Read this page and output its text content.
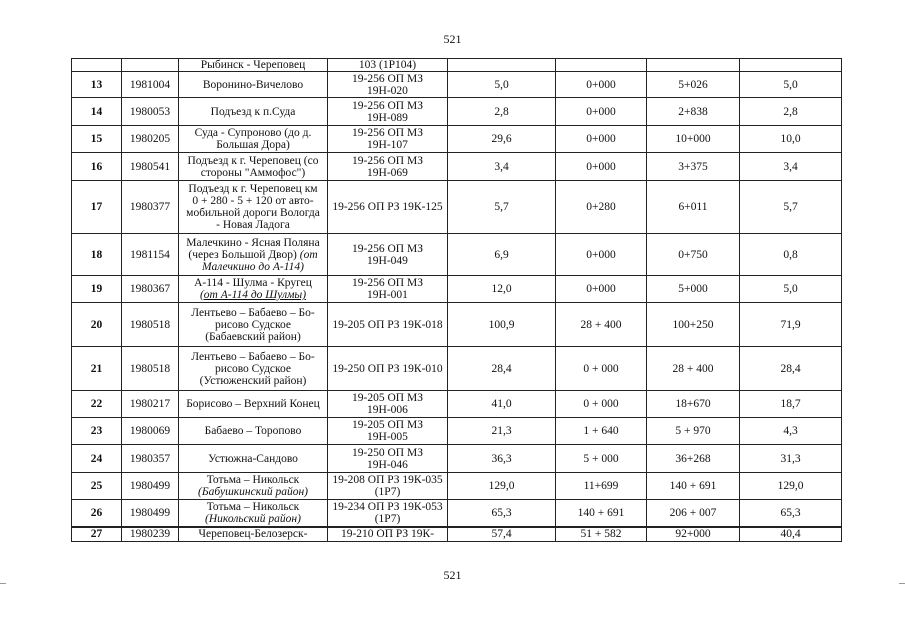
521
		Рыбинск - Череповец	103 (1Р104)				
13	1981004	Воронино-Вичелово	19-256 ОП МЗ 19Н-020	5,0	0+000	5+026	5,0
14	1980053	Подъезд к п.Суда	19-256 ОП МЗ 19Н-089	2,8	0+000	2+838	2,8
15	1980205	Суда - Супроново (до д.
Большая Дора)	19-256 ОП МЗ 19Н-107	29,6	0+000	10+000	10,0
16	1980541	Подъезд к г. Череповец (со
стороны "Аммофос")	19-256 ОП МЗ 19Н-069	3,4	0+000	3+375	3,4
17	1980377	Подъезд к г. Череповец км
0 + 280 - 5 + 120 от авто-
мобильной дороги Вологда
- Новая Ладога	19-256 ОП РЗ 19К-125	5,7	0+280	6+011	5,7
18	1981154	Малечкино - Ясная Поляна
(через Большой Двор) (от
Малечкино до А-114)	19-256 ОП МЗ 19Н-049	6,9	0+000	0+750	0,8
19	1980367	А-114 - Шулма - Кругец
(от А-114 до Шулмы)	19-256 ОП МЗ 19Н-001	12,0	0+000	5+000	5,0
20	1980518	Лентьево – Бабаево – Бо-
рисово Судское
(Бабаевский район)	19-205 ОП РЗ 19К-018	100,9	28 + 400	100+250	71,9
21	1980518	Лентьево – Бабаево – Бо-
рисово Судское
(Устюженский район)	19-250 ОП РЗ 19К-010	28,4	0 + 000	28 + 400	28,4
22	1980217	Борисово – Верхний Конец	19-205 ОП МЗ 19Н-006	41,0	0 + 000	18+670	18,7
23	1980069	Бабаево – Торопово	19-205 ОП МЗ 19Н-005	21,3	1 + 640	5 + 970	4,3
24	1980357	Устюжна-Сандово	19-250 ОП МЗ 19Н-046	36,3	5 + 000	36+268	31,3
25	1980499	Тотьма – Никольск
(Бабушкинский район)	19-208 ОП РЗ 19К-035 (1Р7)	129,0	11+699	140 + 691	129,0
26	1980499	Тотьма – Никольск
(Никольский район)	19-234 ОП РЗ 19К-053 (1Р7)	65,3	140 + 691	206 + 007	65,3
27	1980239	Череповец-Белозерск-	19-210 ОП РЗ 19К-	57,4	51 + 582	92+000	40,4
521
